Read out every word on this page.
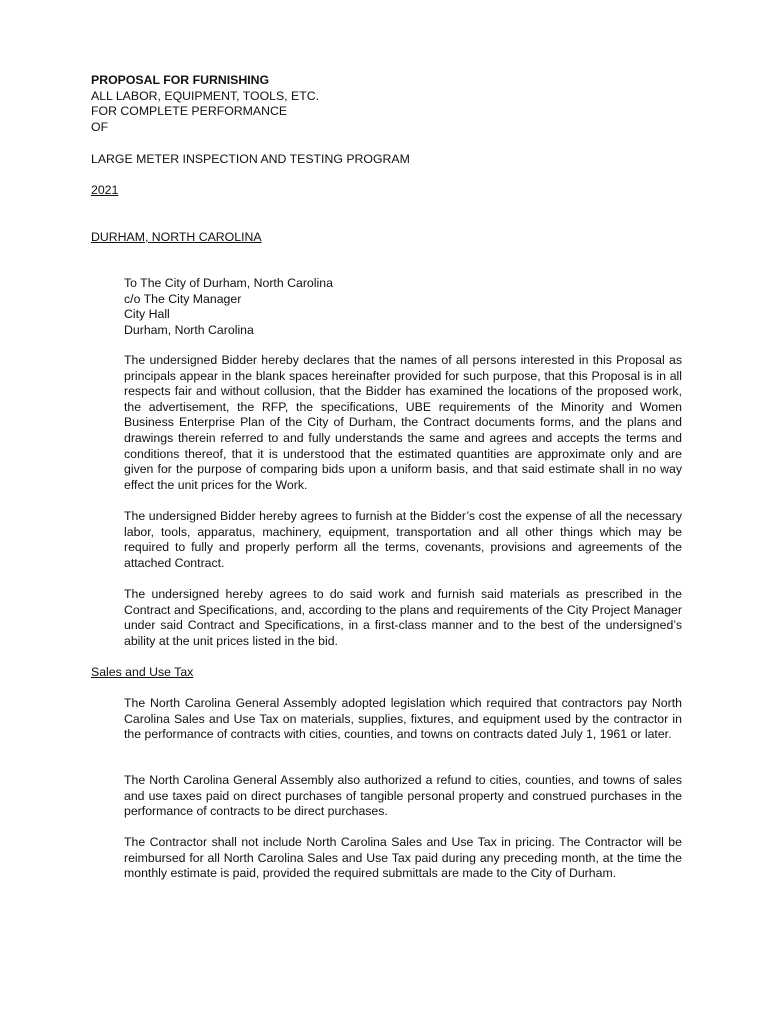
PROPOSAL FOR FURNISHING
ALL LABOR, EQUIPMENT, TOOLS, ETC.
FOR COMPLETE PERFORMANCE
OF
LARGE METER INSPECTION AND TESTING PROGRAM
2021
DURHAM, NORTH CAROLINA
To The City of Durham, North Carolina
c/o The City Manager
City Hall
Durham, North Carolina

The undersigned Bidder hereby declares that the names of all persons interested in this Proposal as principals appear in the blank spaces hereinafter provided for such purpose, that this Proposal is in all respects fair and without collusion, that the Bidder has examined the locations of the proposed work, the advertisement, the RFP, the specifications, UBE requirements of the Minority and Women Business Enterprise Plan of the City of Durham, the Contract documents forms, and the plans and drawings therein referred to and fully understands the same and agrees and accepts the terms and conditions thereof, that it is understood that the estimated quantities are approximate only and are given for the purpose of comparing bids upon a uniform basis, and that said estimate shall in no way effect the unit prices for the Work.

The undersigned Bidder hereby agrees to furnish at the Bidder’s cost the expense of all the necessary labor, tools, apparatus, machinery, equipment, transportation and all other things which may be required to fully and properly perform all the terms, covenants, provisions and agreements of the attached Contract.

The undersigned hereby agrees to do said work and furnish said materials as prescribed in the Contract and Specifications, and, according to the plans and requirements of the City Project Manager under said Contract and Specifications, in a first-class manner and to the best of the undersigned’s ability at the unit prices listed in the bid.

Sales and Use Tax

The North Carolina General Assembly adopted legislation which required that contractors pay North Carolina Sales and Use Tax on materials, supplies, fixtures, and equipment used by the contractor in the performance of contracts with cities, counties, and towns on contracts dated July 1, 1961 or later.

The North Carolina General Assembly also authorized a refund to cities, counties, and towns of sales and use taxes paid on direct purchases of tangible personal property and construed purchases in the performance of contracts to be direct purchases.

The Contractor shall not include North Carolina Sales and Use Tax in pricing. The Contractor will be reimbursed for all North Carolina Sales and Use Tax paid during any preceding month, at the time the monthly estimate is paid, provided the required submittals are made to the City of Durham.
